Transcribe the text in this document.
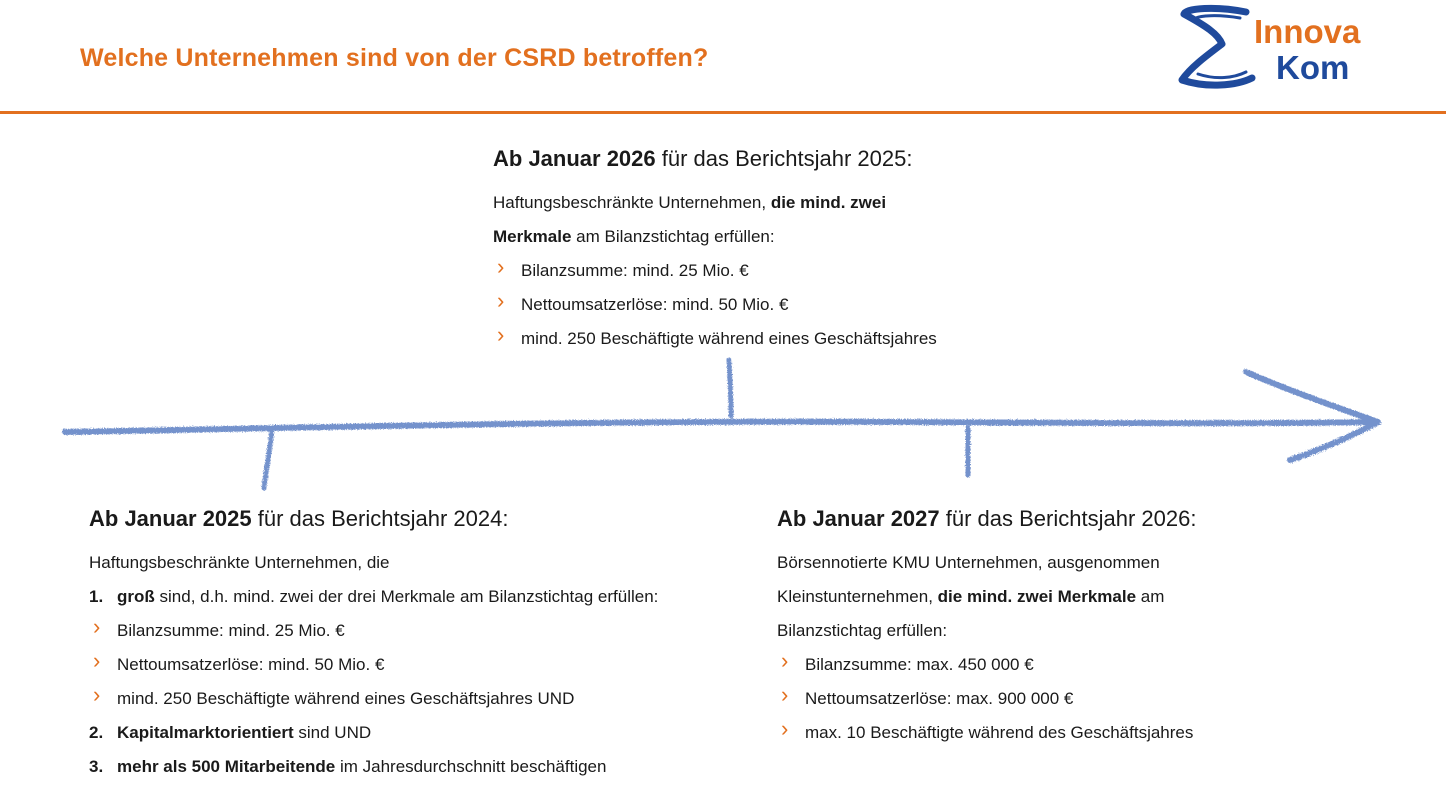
Welche Unternehmen sind von der CSRD betroffen?
Innova
Kom

Ab Januar 2026 für das Berichtsjahr 2025:

Haftungsbeschränkte Unternehmen, die mind. zwei
Merkmale am Bilanzstichtag erfüllen:
› Bilanzsumme: mind. 25 Mio. €
› Nettoumsatzerlöse: mind. 50 Mio. €
› mind. 250 Beschäftigte während eines Geschäftsjahres

Ab Januar 2025 für das Berichtsjahr 2024:

Haftungsbeschränkte Unternehmen, die
1. groß sind, d.h. mind. zwei der drei Merkmale am Bilanzstichtag erfüllen:
› Bilanzsumme: mind. 25 Mio. €
› Nettoumsatzerlöse: mind. 50 Mio. €
› mind. 250 Beschäftigte während eines Geschäftsjahres UND
2. Kapitalmarktorientiert sind UND
3. mehr als 500 Mitarbeitende im Jahresdurchschnitt beschäftigen

Ab Januar 2027 für das Berichtsjahr 2026:

Börsennotierte KMU Unternehmen, ausgenommen
Kleinstunternehmen, die mind. zwei Merkmale am
Bilanzstichtag erfüllen:
› Bilanzsumme: max. 450 000 €
› Nettoumsatzerlöse: max. 900 000 €
› max. 10 Beschäftigte während des Geschäftsjahres
